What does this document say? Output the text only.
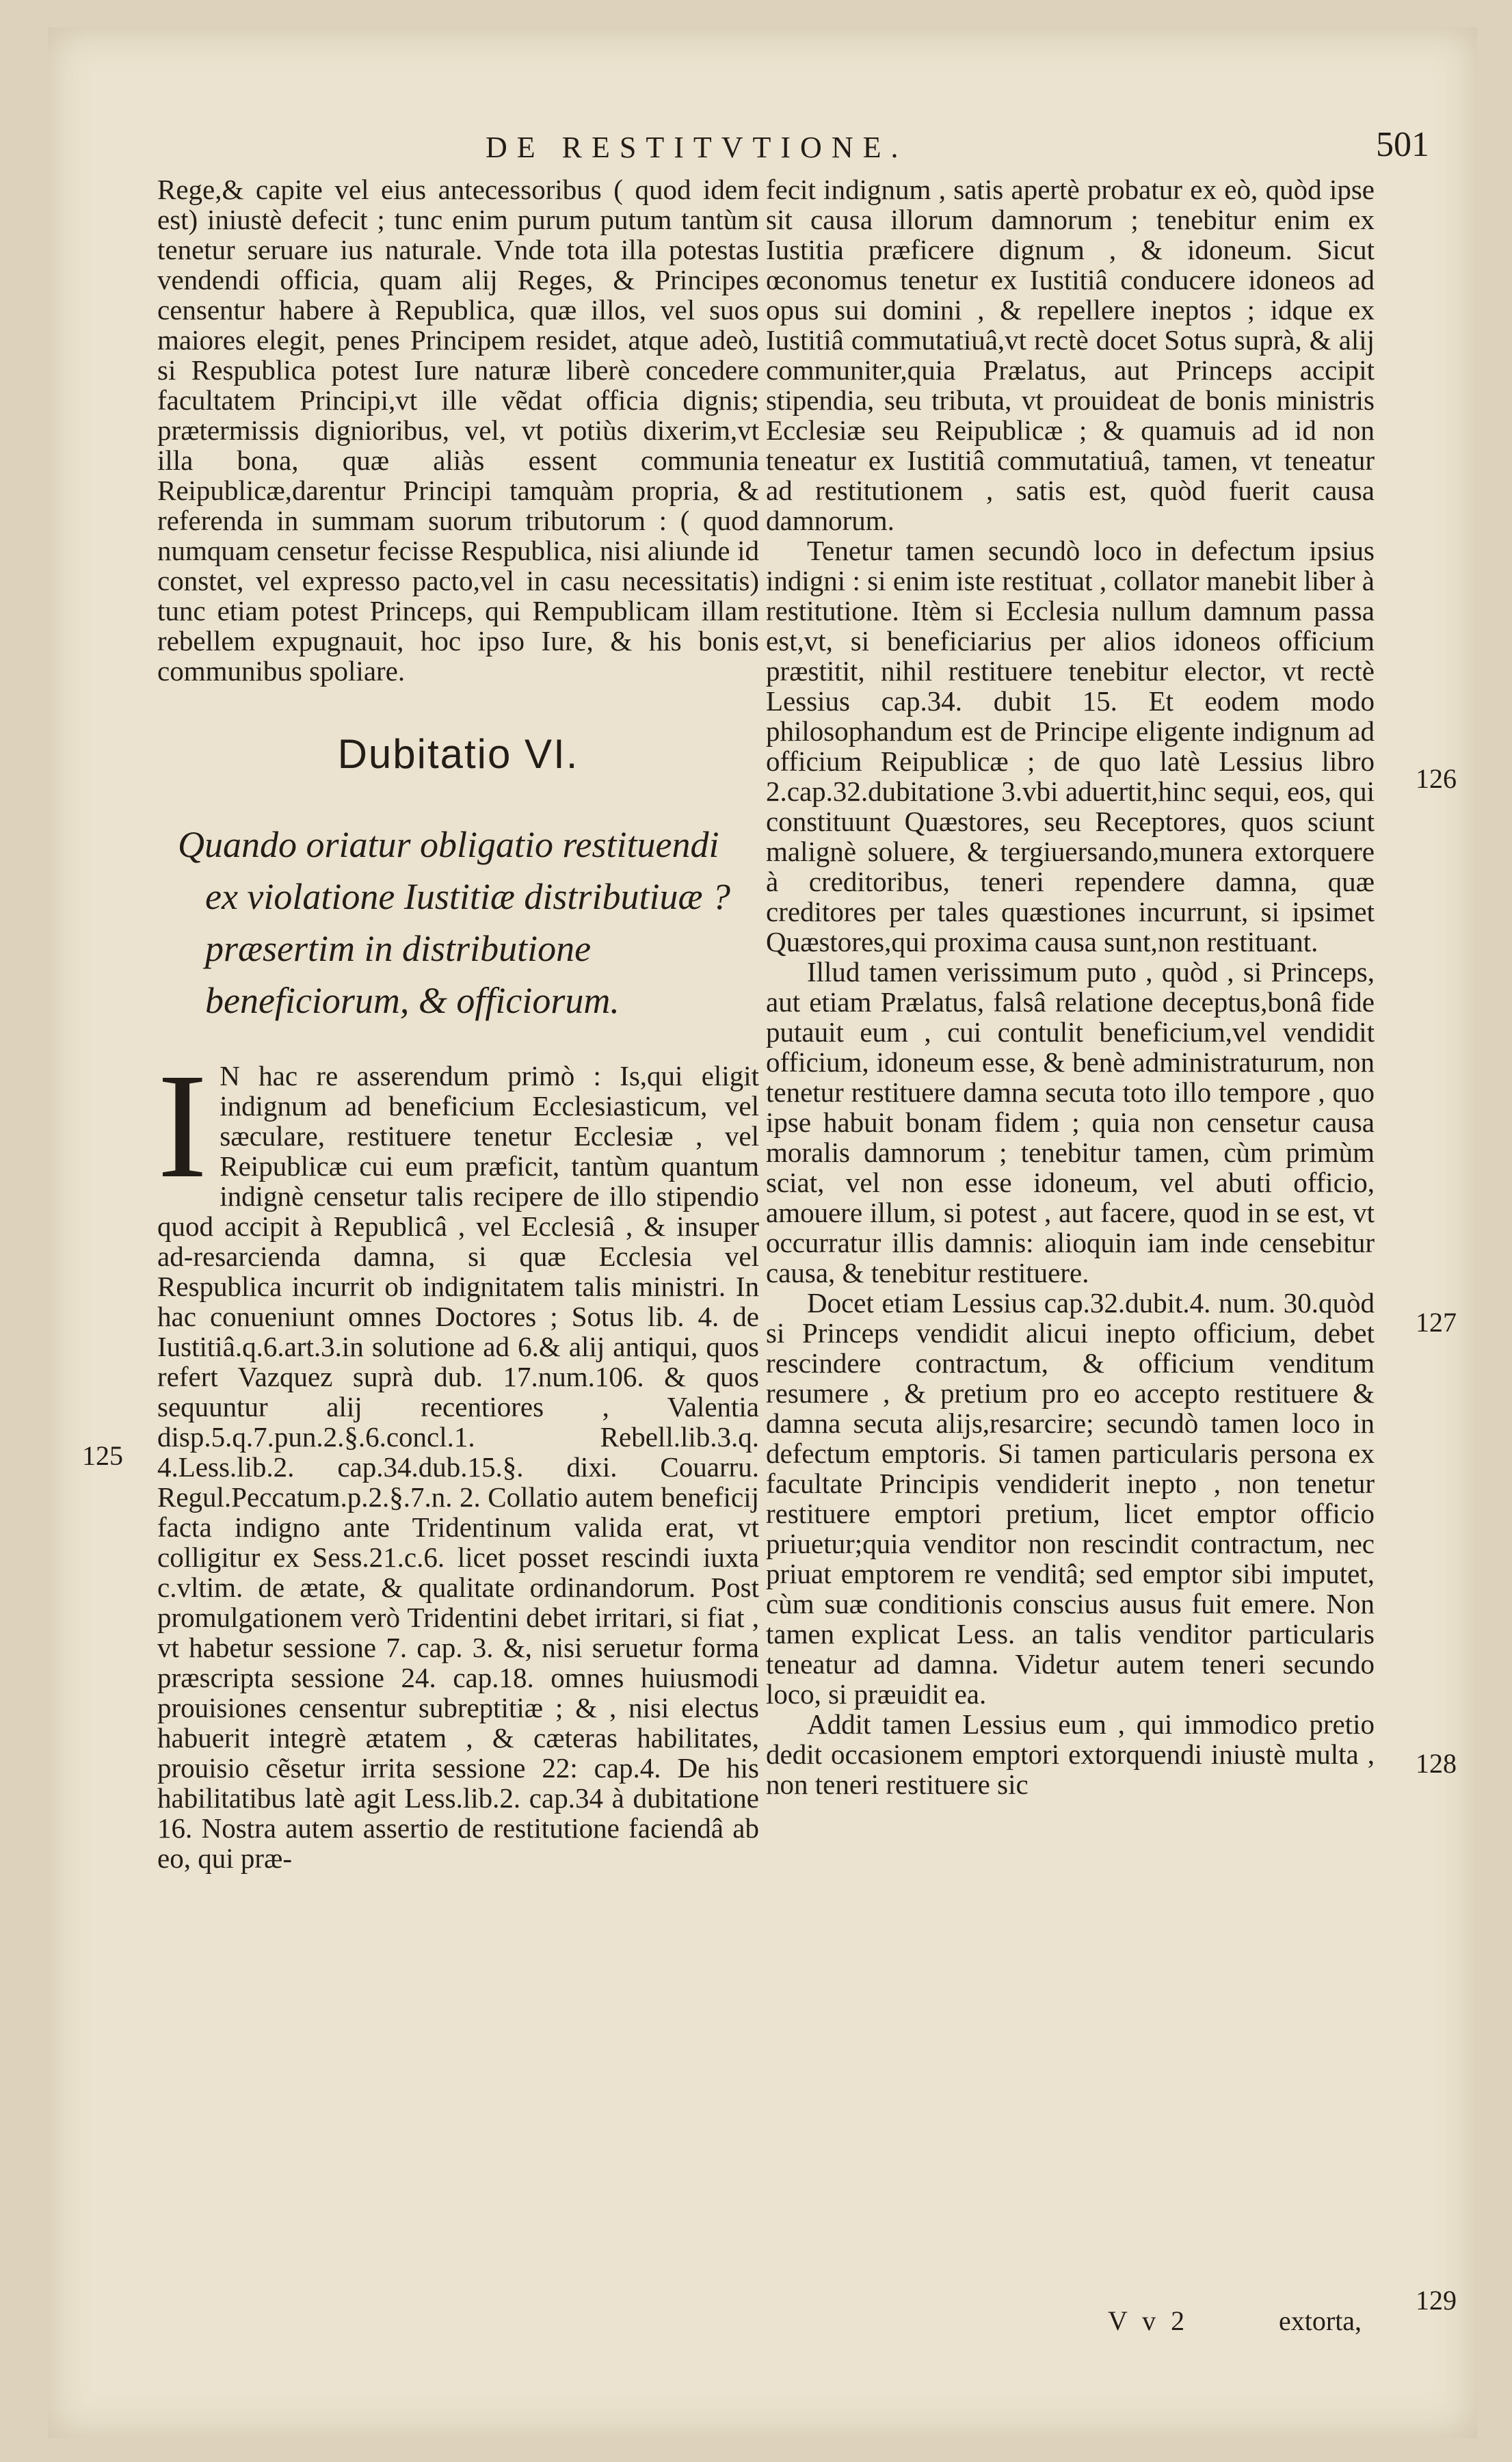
DE RESTITVTIONE.	501

Rege,& capite vel eius antecessoribus ( quod idem est) iniustè defecit ; tunc enim purum putum tantùm tenetur seruare ius naturale. Vnde tota illa potestas vendendi officia, quam alij Reges, & Principes censentur habere à Republica, quæ illos, vel suos maiores elegit, penes Principem residet, atque adeò, si Respublica potest Iure naturæ liberè concedere facultatem Principi,vt ille vẽdat officia dignis; prætermissis dignioribus, vel, vt potiùs dixerim,vt illa bona, quæ aliàs essent communia Reipublicæ,darentur Principi tamquàm propria, & referenda in summam suorum tributorum : ( quod numquam censetur fecisse Respublica, nisi aliunde id constet, vel expresso pacto,vel in casu necessitatis) tunc etiam potest Princeps, qui Rempublicam illam rebellem expugnauit, hoc ipso Iure, & his bonis communibus spoliare.

Dubitatio VI.

Quando oriatur obligatio restituendi ex violatione Iustitiæ distributiuæ ? præsertim in distributione beneficiorum, & officiorum.

I N hac re asserendum primò : Is,qui eligit indignum ad beneficium Ecclesiasticum, vel sæculare, restituere tenetur Ecclesiæ , vel Reipublicæ cui eum præficit, tantùm quantum indignè censetur talis recipere de illo stipendio quod accipit à Republicâ , vel Ecclesiâ , & insuper ad-resarcienda damna, si quæ Ecclesia vel Respublica incurrit ob indignitatem talis ministri. In hac conueniunt omnes Doctores ; Sotus lib. 4. de Iustitiâ.q.6.art.3.in solutione ad 6.& alij antiqui, quos refert Vazquez suprà dub. 17.num.106. & quos sequuntur alij recentiores , Valentia disp.5.q.7.pun.2.§.6.concl.1. Rebell.lib.3.q. 4.Less.lib.2. cap.34.dub.15.§. dixi. Couarru. Regul.Peccatum.p.2.§.7.n. 2. Collatio autem beneficij facta indigno ante Tridentinum valida erat, vt colligitur ex Sess.21.c.6. licet posset rescindi iuxta c.vltim. de ætate, & qualitate ordinandorum. Post promulgationem verò Tridentini debet irritari, si fiat , vt habetur sessione 7. cap. 3. &, nisi seruetur forma præscripta sessione 24. cap.18. omnes huiusmodi prouisiones censentur subreptitiæ ; & , nisi electus habuerit integrè ætatem , & cæteras habilitates, prouisio cẽsetur irrita sessione 22: cap.4. De his habilitatibus latè agit Less.lib.2. cap.34 à dubitatione 16. Nostra autem assertio de restitutione faciendâ ab eo, qui præ-

125

fecit indignum , satis apertè probatur ex eò, quòd ipse sit causa illorum damnorum ; tenebitur enim ex Iustitia præficere dignum , & idoneum. Sicut œconomus tenetur ex Iustitiâ conducere idoneos ad opus sui domini , & repellere ineptos ; idque ex Iustitiâ commutatiuâ,vt rectè docet Sotus suprà, & alij communiter,quia Prælatus, aut Princeps accipit stipendia, seu tributa, vt prouideat de bonis ministris Ecclesiæ seu Reipublicæ ; & quamuis ad id non teneatur ex Iustitiâ commutatiuâ, tamen, vt teneatur ad restitutionem , satis est, quòd fuerit causa damnorum.

Tenetur tamen secundò loco in defectum ipsius indigni : si enim iste restituat , collator manebit liber à restitutione. Itèm si Ecclesia nullum damnum passa est,vt, si beneficiarius per alios idoneos officium præstitit, nihil restituere tenebitur elector, vt rectè Lessius cap.34. dubit 15. Et eodem modo philosophandum est de Principe eligente indignum ad officium Reipublicæ ; de quo latè Lessius libro 2.cap.32.dubitatione 3.vbi aduertit,hinc sequi, eos, qui constituunt Quæstores, seu Receptores, quos sciunt malignè soluere, & tergiuersando,munera extorquere à creditoribus, teneri rependere damna, quæ creditores per tales quæstiones incurrunt, si ipsimet Quæstores,qui proxima causa sunt,non restituant.

Illud tamen verissimum puto , quòd , si Princeps, aut etiam Prælatus, falsâ relatione deceptus,bonâ fide putauit eum , cui contulit beneficium,vel vendidit officium, idoneum esse, & benè administraturum, non tenetur restituere damna secuta toto illo tempore , quo ipse habuit bonam fidem ; quia non censetur causa moralis damnorum ; tenebitur tamen, cùm primùm sciat, vel non esse idoneum, vel abuti officio, amouere illum, si potest , aut facere, quod in se est, vt occurratur illis damnis: alioquin iam inde censebitur causa, & tenebitur restituere.

Docet etiam Lessius cap.32.dubit.4. num. 30.quòd si Princeps vendidit alicui inepto officium, debet rescindere contractum, & officium venditum resumere , & pretium pro eo accepto restituere & damna secuta alijs,resarcire; secundò tamen loco in defectum emptoris. Si tamen particularis persona ex facultate Principis vendiderit inepto , non tenetur restituere emptori pretium, licet emptor officio priuetur;quia venditor non rescindit contractum, nec priuat emptorem re venditâ; sed emptor sibi imputet, cùm suæ conditionis conscius ausus fuit emere. Non tamen explicat Less. an talis venditor particularis teneatur ad damna. Videtur autem teneri secundo loco, si præuidit ea.

Addit tamen Lessius eum , qui immodico pretio dedit occasionem emptori extorquendi iniustè multa , non teneri restituere sic

126
127
128
129
V v 2	extorta,
